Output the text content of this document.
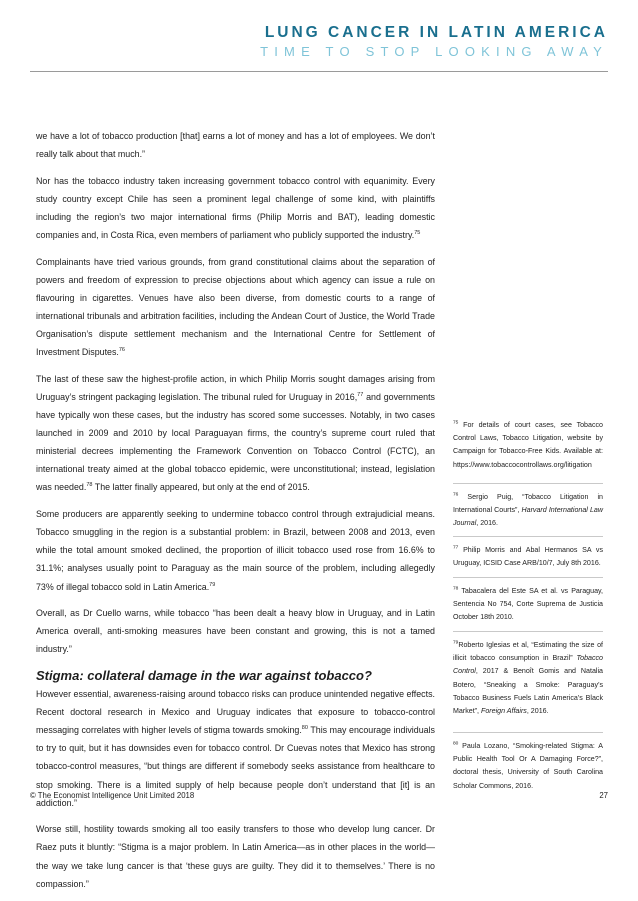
LUNG CANCER IN LATIN AMERICA
TIME TO STOP LOOKING AWAY

we have a lot of tobacco production [that] earns a lot of money and has a lot of employees. We don’t really talk about that much.”

Nor has the tobacco industry taken increasing government tobacco control with equanimity. Every study country except Chile has seen a prominent legal challenge of some kind, with plaintiffs including the region’s two major international firms (Philip Morris and BAT), leading domestic companies and, in Costa Rica, even members of parliament who publicly supported the industry.$^{75}$

Complainants have tried various grounds, from grand constitutional claims about the separation of powers and freedom of expression to precise objections about which agency can issue a rule on flavouring in cigarettes. Venues have also been diverse, from domestic courts to a range of international tribunals and arbitration facilities, including the Andean Court of Justice, the World Trade Organisation’s dispute settlement mechanism and the International Centre for Settlement of Investment Disputes.$^{76}$

The last of these saw the highest-profile action, in which Philip Morris sought damages arising from Uruguay’s stringent packaging legislation. The tribunal ruled for Uruguay in 2016,77 and governments have typically won these cases, but the industry has scored some successes. Notably, in two cases launched in 2009 and 2010 by local Paraguayan firms, the country’s supreme court ruled that ministerial decrees implementing the Framework Convention on Tobacco Control (FCTC), an international treaty aimed at the global tobacco epidemic, were unconstitutional; instead, legislation was needed.$^{78}$ The latter finally appeared, but only at the end of 2015.

Some producers are apparently seeking to undermine tobacco control through extrajudicial means. Tobacco smuggling in the region is a substantial problem: in Brazil, between 2008 and 2013, even while the total amount smoked declined, the proportion of illicit tobacco used rose from 16.6% to 31.1%; analyses usually point to Paraguay as the main source of the problem, including allegedly 73% of illegal tobacco sold in Latin America.$^{79}$

Overall, as Dr Cuello warns, while tobacco “has been dealt a heavy blow in Uruguay, and in Latin America overall, anti-smoking measures have been constant and growing, this is not a tamed industry.”

Stigma: collateral damage in the war against tobacco?

However essential, awareness-raising around tobacco risks can produce unintended negative effects. Recent doctoral research in Mexico and Uruguay indicates that exposure to tobacco-control messaging correlates with higher levels of stigma towards smoking.$^{80}$ This may encourage individuals to try to quit, but it has downsides even for tobacco control. Dr Cuevas notes that Mexico has strong tobacco-control measures, “but things are different if somebody seeks assistance from healthcare to stop smoking. There is a limited supply of help because people don’t understand that [it] is an addiction.”

Worse still, hostility towards smoking all too easily transfers to those who develop lung cancer. Dr Raez puts it bluntly: “Stigma is a major problem. In Latin America—as in other places in the world—the way we take lung cancer is that ‘these guys are guilty. They did it to themselves.’ There is no compassion.”

$^{75}$ For details of court cases, see Tobacco Control Laws, Tobacco Litigation, website by Campaign for Tobacco-Free Kids. Available at: https://www.tobaccocontrollaws.org/litigation
$^{76}$ Sergio Puig, “Tobacco Litigation in International Courts”, Harvard International Law Journal, 2016.
$^{77}$ Philip Morris and Abal Hermanos SA vs Uruguay, ICSID Case ARB/10/7, July 8th 2016.
$^{78}$ Tabacalera del Este SA et al. vs Paraguay, Sentencia No 754, Corte Suprema de Justicia October 18th 2010.
$^{79}$Roberto Iglesias et al, “Estimating the size of illicit tobacco consumption in Brazil” Tobacco Control, 2017 & Benoît Gomis and Natalia Botero, “Sneaking a Smoke: Paraguay’s Tobacco Business Fuels Latin America’s Black Market”, Foreign Affairs, 2016.
$^{80}$ Paula Lozano, “Smoking-related Stigma: A Public Health Tool Or A Damaging Force?”, doctoral thesis, University of South Carolina Scholar Commons, 2016.
© The Economist Intelligence Unit Limited 2018	27
